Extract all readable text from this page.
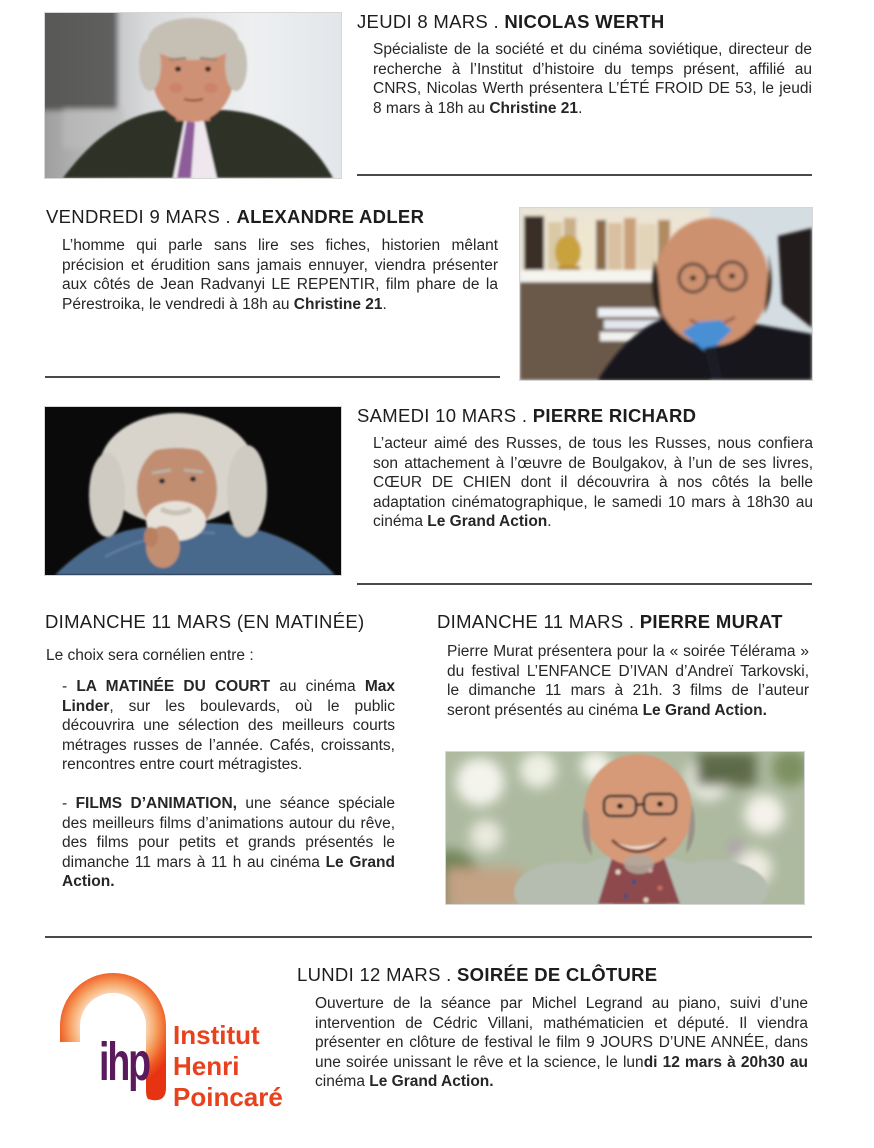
JEUDI 8 MARS . NICOLAS WERTH
Spécialiste de la société et du cinéma soviétique, directeur de recherche à l’Institut d’histoire du temps présent, affilié au CNRS, Nicolas Werth présentera L’ÉTÉ FROID DE 53, le jeudi 8 mars à 18h au Christine 21.
VENDREDI 9 MARS . ALEXANDRE ADLER
L’homme qui parle sans lire ses fiches, historien mêlant précision et érudition sans jamais ennuyer, viendra présenter aux côtés de Jean Radvanyi LE REPENTIR, film phare de la Pérestroika, le vendredi à 18h au Christine 21.
SAMEDI 10 MARS . PIERRE RICHARD
L’acteur aimé des Russes, de tous les Russes, nous confiera son attachement à l’œuvre de Boulgakov, à l’un de ses livres, CŒUR DE CHIEN dont il découvrira à nos côtés la belle adaptation cinématographique, le samedi 10 mars à 18h30 au cinéma Le Grand Action.
DIMANCHE 11 MARS (EN MATINÉE)
Le choix sera cornélien entre :
- LA MATINÉE DU COURT au cinéma Max Linder, sur les boulevards, où le public découvrira une sélection des meilleurs courts métrages russes de l’année. Cafés, croissants, rencontres entre court métragistes.
- FILMS D’ANIMATION, une séance spéciale des meilleurs films d’animations autour du rêve, des films pour petits et grands présentés le dimanche 11 mars à 11 h au cinéma Le Grand Action.
DIMANCHE 11 MARS . PIERRE MURAT
Pierre Murat présentera pour la « soirée Télérama » du festival L’ENFANCE D’IVAN d’Andreï Tarkovski, le dimanche 11 mars à 21h. 3 films de l’auteur seront présentés au cinéma Le Grand Action.
ihp Institut
Henri
Poincaré
LUNDI 12 MARS . SOIRÉE DE CLÔTURE
Ouverture de la séance par Michel Legrand au piano, suivi d’une intervention de Cédric Villani, mathématicien et député. Il viendra présenter en clôture de festival le film 9 JOURS D’UNE ANNÉE, dans une soirée unissant le rêve et la science, le lundi 12 mars à 20h30 au cinéma Le Grand Action.
